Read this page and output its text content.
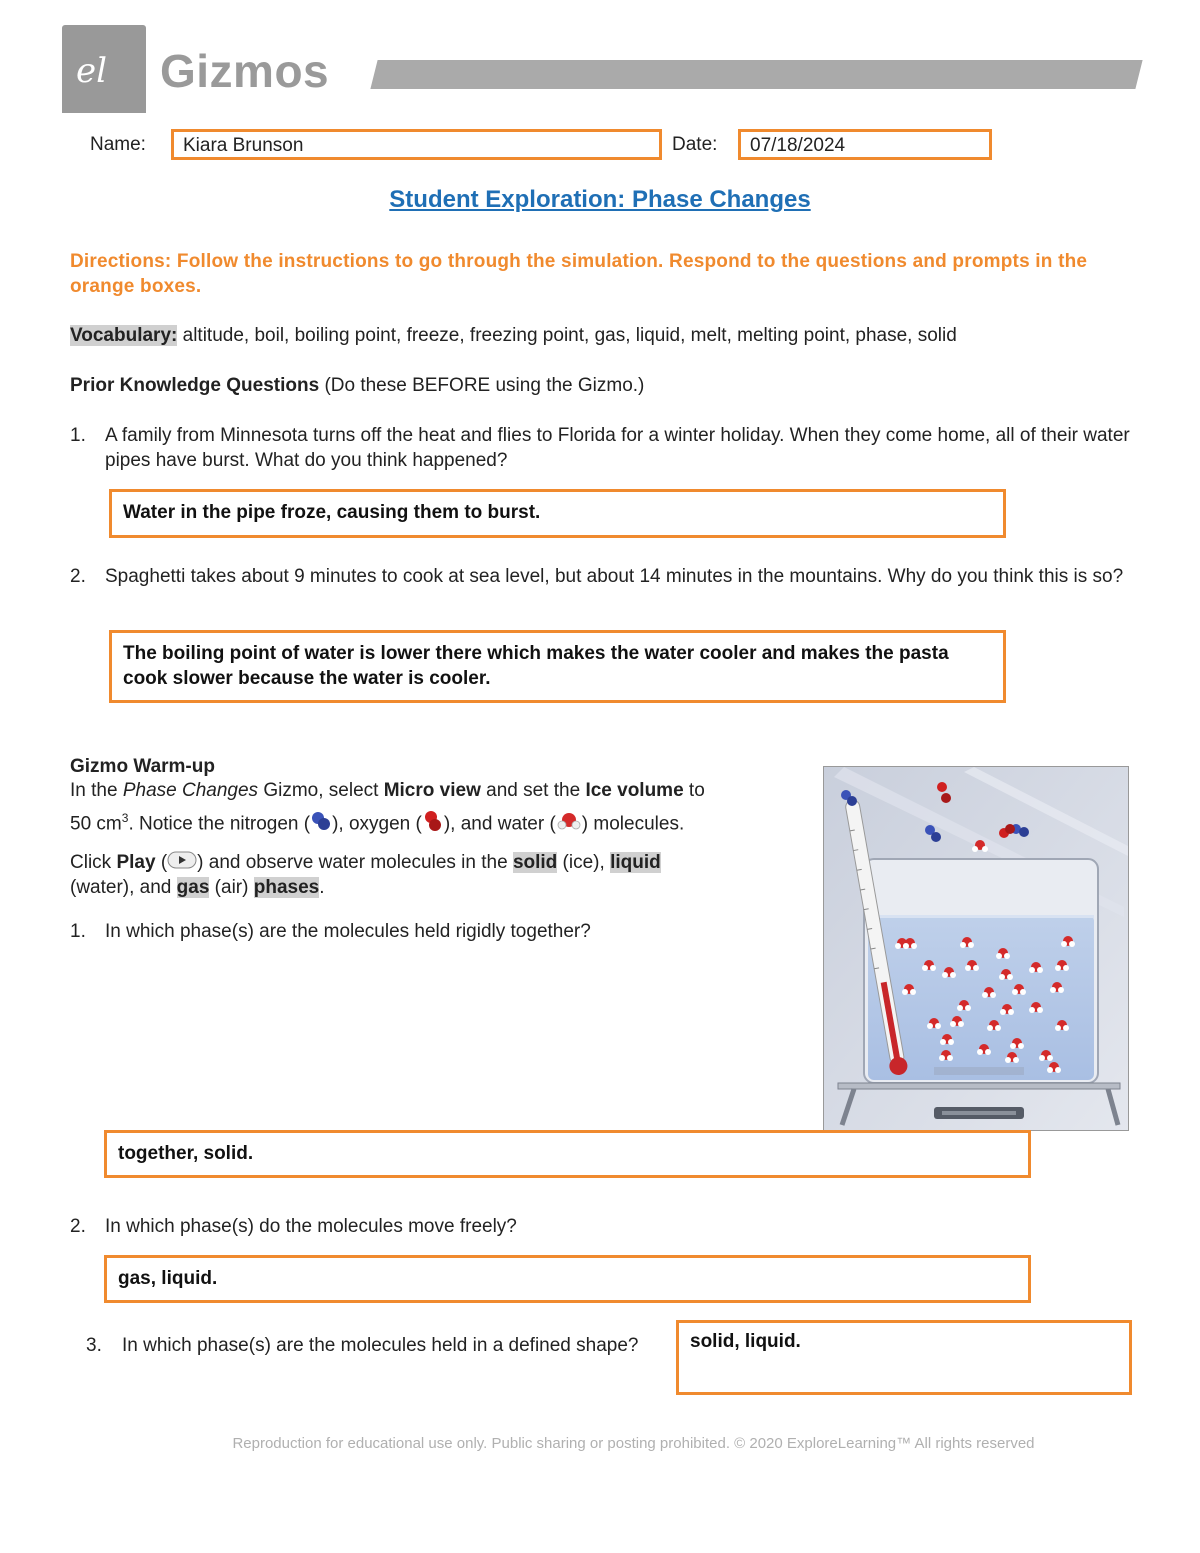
el Gizmos
Name:	Kiara Brunson	Date:	07/18/2024
Student Exploration: Phase Changes
Directions: Follow the instructions to go through the simulation. Respond to the questions and prompts in the orange boxes.
Vocabulary: altitude, boil, boiling point, freeze, freezing point, gas, liquid, melt, melting point, phase, solid
Prior Knowledge Questions (Do these BEFORE using the Gizmo.)
1. A family from Minnesota turns off the heat and flies to Florida for a winter holiday. When they come home, all of their water pipes have burst. What do you think happened?
Water in the pipe froze, causing them to burst.
2. Spaghetti takes about 9 minutes to cook at sea level, but about 14 minutes in the mountains. Why do you think this is so?
The boiling point of water is lower there which makes the water cooler and makes the pasta cook slower because the water is cooler.
Gizmo Warm-up
In the Phase Changes Gizmo, select Micro view and set the Ice volume to
50 $cm^3$. Notice the nitrogen ( ), oxygen ( ), and water ( ) molecules.
Click Play ( ) and observe water molecules in the solid (ice), liquid
(water), and gas (air) phases.
1. In which phase(s) are the molecules held rigidly together?
together, solid.
2. In which phase(s) do the molecules move freely?
gas, liquid.
3. In which phase(s) are the molecules held in a defined shape?	solid, liquid.
Reproduction for educational use only. Public sharing or posting prohibited. © 2020 ExploreLearning™ All rights reserved
